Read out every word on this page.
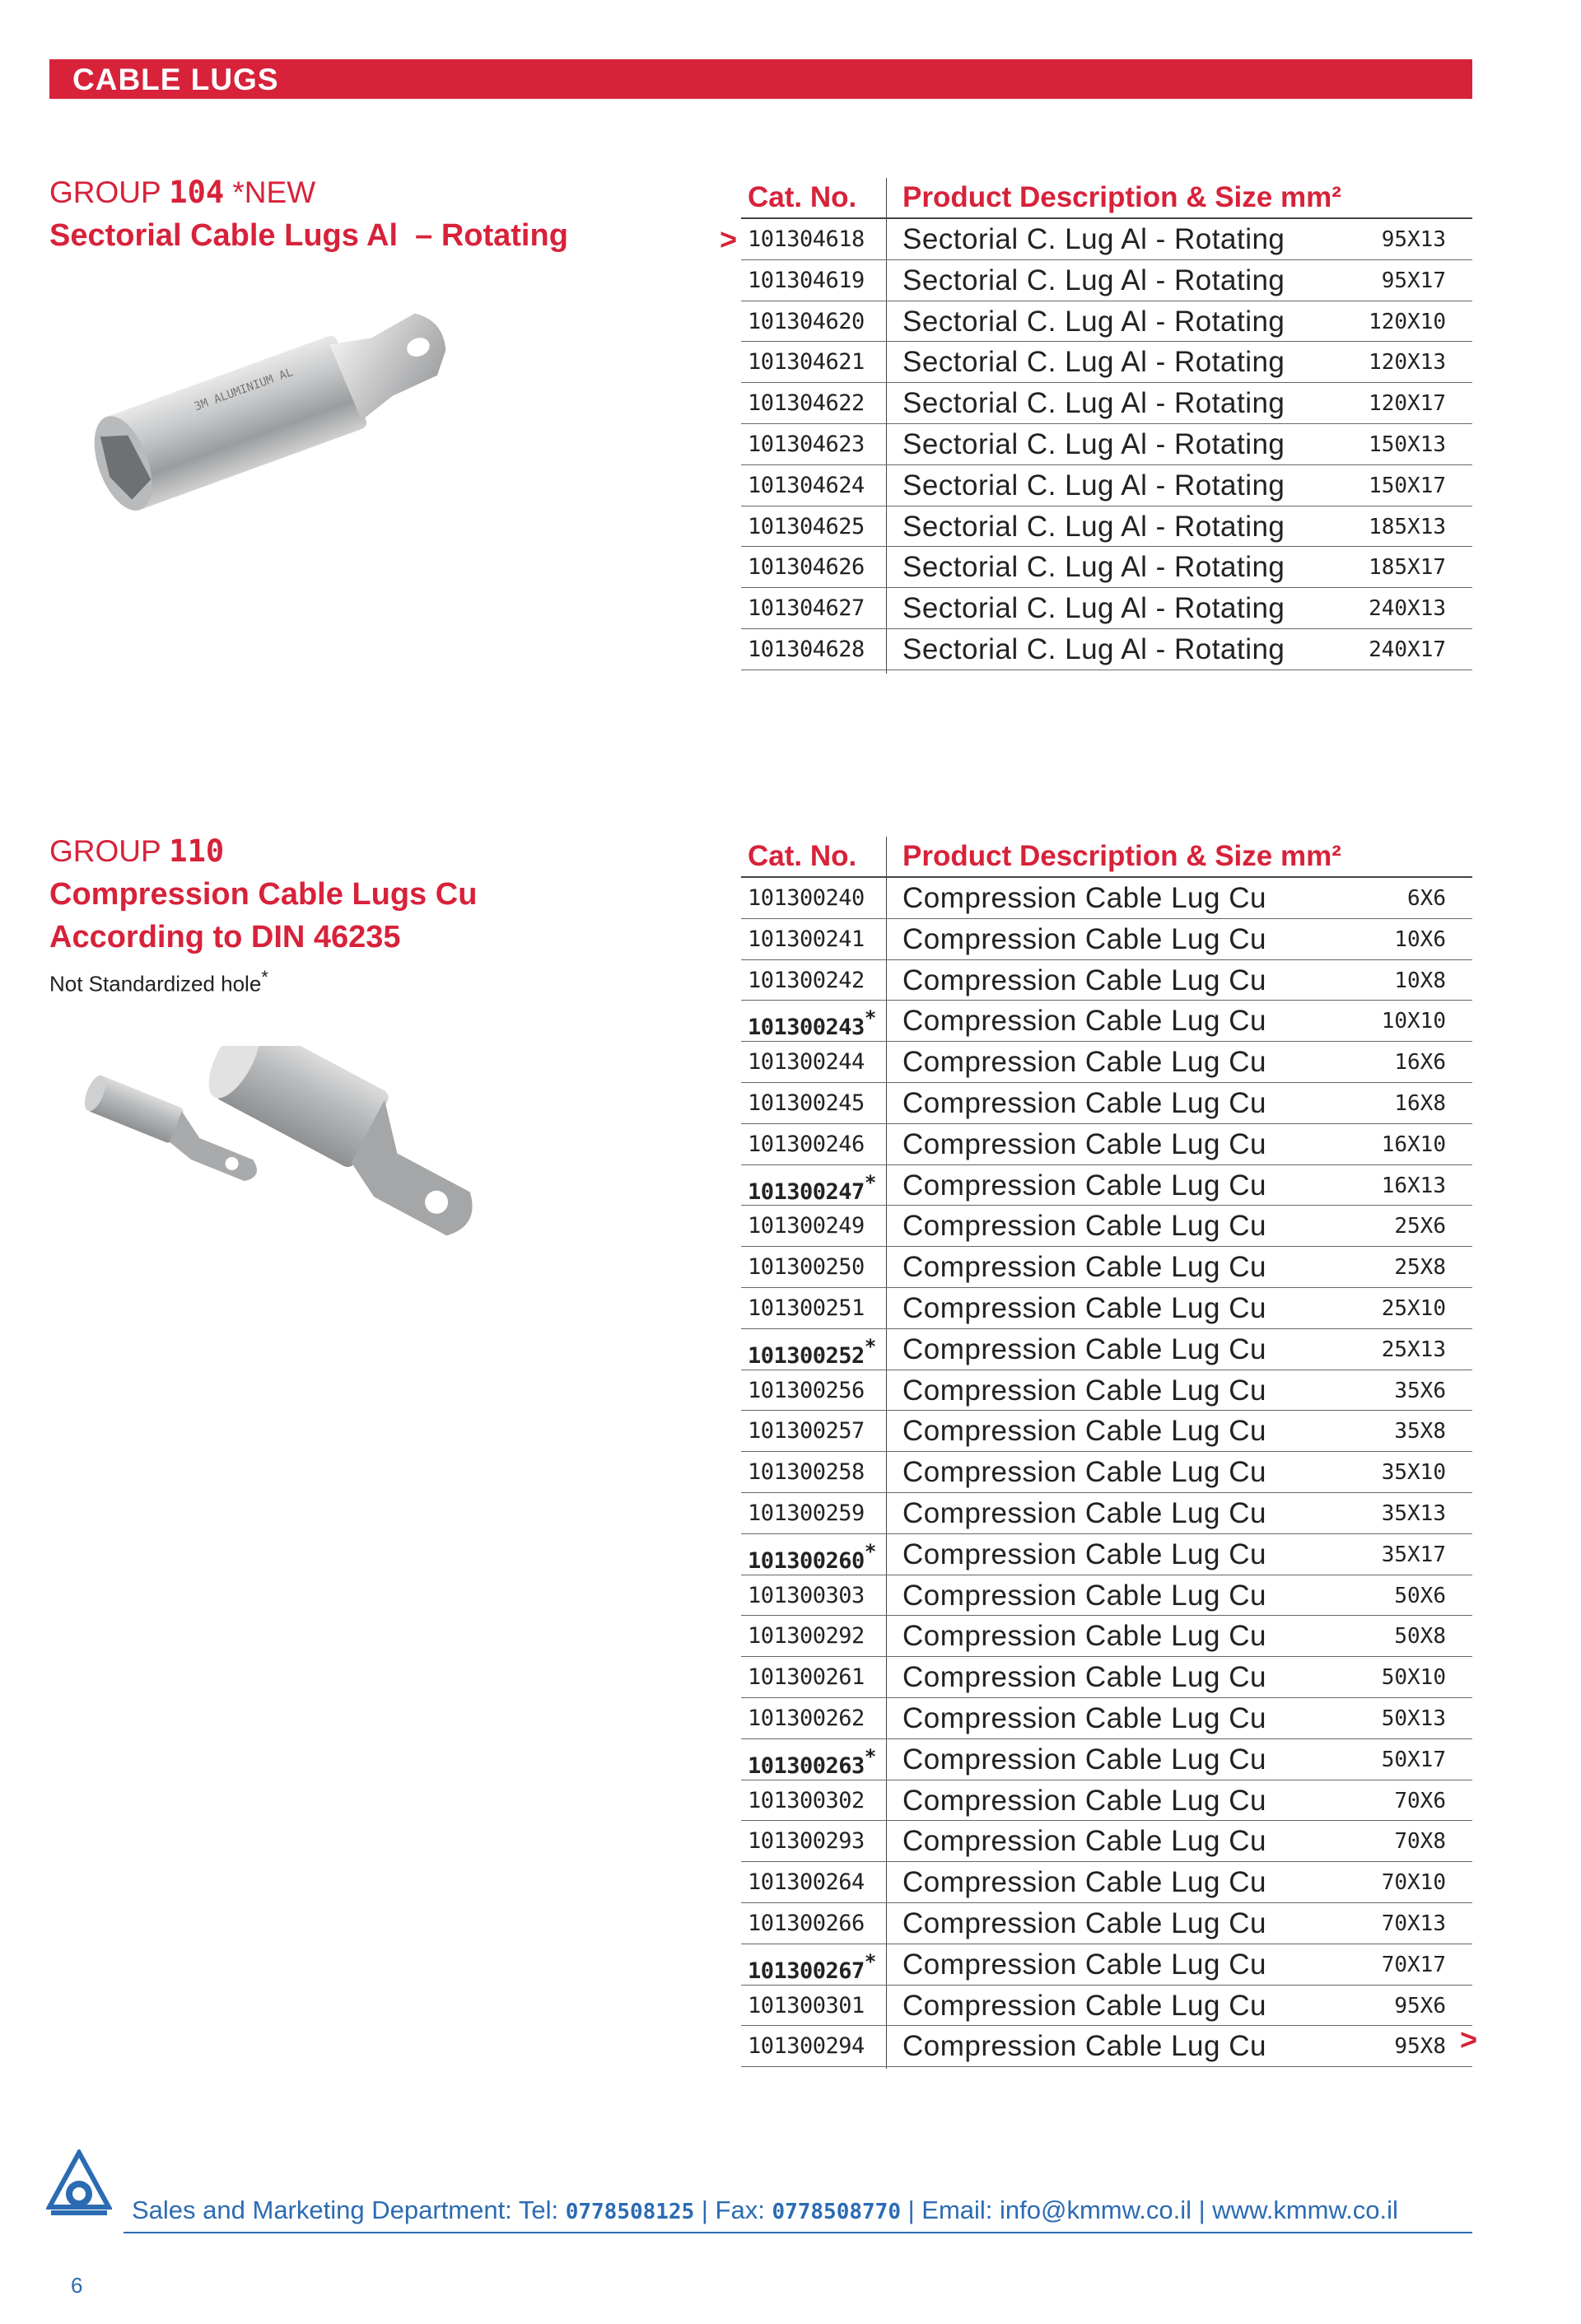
CABLE LUGS
GROUP 104 *NEW
Sectorial Cable Lugs Al  – Rotating
3M ALUMINIUM AL
Cat. No. Product Description & Size mm²
101304618 Sectorial C. Lug Al - Rotating	95X13
101304619 Sectorial C. Lug Al - Rotating	95X17
101304620 Sectorial C. Lug Al - Rotating	120X10
101304621 Sectorial C. Lug Al - Rotating	120X13
101304622 Sectorial C. Lug Al - Rotating	120X17
101304623 Sectorial C. Lug Al - Rotating	150X13
101304624 Sectorial C. Lug Al - Rotating	150X17
101304625 Sectorial C. Lug Al - Rotating	185X13
101304626 Sectorial C. Lug Al - Rotating	185X17
101304627 Sectorial C. Lug Al - Rotating	240X13
101304628 Sectorial C. Lug Al - Rotating	240X17
>
GROUP 110
Compression Cable Lugs Cu
According to DIN 46235
Not Standardized hole*
Cat. No. Product Description & Size mm²
101300240 Compression Cable Lug Cu	6X6
101300241 Compression Cable Lug Cu	10X6
101300242 Compression Cable Lug Cu	10X8
101300243* Compression Cable Lug Cu	10X10
101300244 Compression Cable Lug Cu	16X6
101300245 Compression Cable Lug Cu	16X8
101300246 Compression Cable Lug Cu	16X10
101300247* Compression Cable Lug Cu	16X13
101300249 Compression Cable Lug Cu	25X6
101300250 Compression Cable Lug Cu	25X8
101300251 Compression Cable Lug Cu	25X10
101300252* Compression Cable Lug Cu	25X13
101300256 Compression Cable Lug Cu	35X6
101300257 Compression Cable Lug Cu	35X8
101300258 Compression Cable Lug Cu	35X10
101300259 Compression Cable Lug Cu	35X13
101300260* Compression Cable Lug Cu	35X17
101300303 Compression Cable Lug Cu	50X6
101300292 Compression Cable Lug Cu	50X8
101300261 Compression Cable Lug Cu	50X10
101300262 Compression Cable Lug Cu	50X13
101300263* Compression Cable Lug Cu	50X17
101300302 Compression Cable Lug Cu	70X6
101300293 Compression Cable Lug Cu	70X8
101300264 Compression Cable Lug Cu	70X10
101300266 Compression Cable Lug Cu	70X13
101300267* Compression Cable Lug Cu	70X17
101300301 Compression Cable Lug Cu	95X6
101300294 Compression Cable Lug Cu	95X8 >
Sales and Marketing Department: Tel: 0778508125 | Fax: 0778508770 | Email: info@kmmw.co.il | www.kmmw.co.il
6
